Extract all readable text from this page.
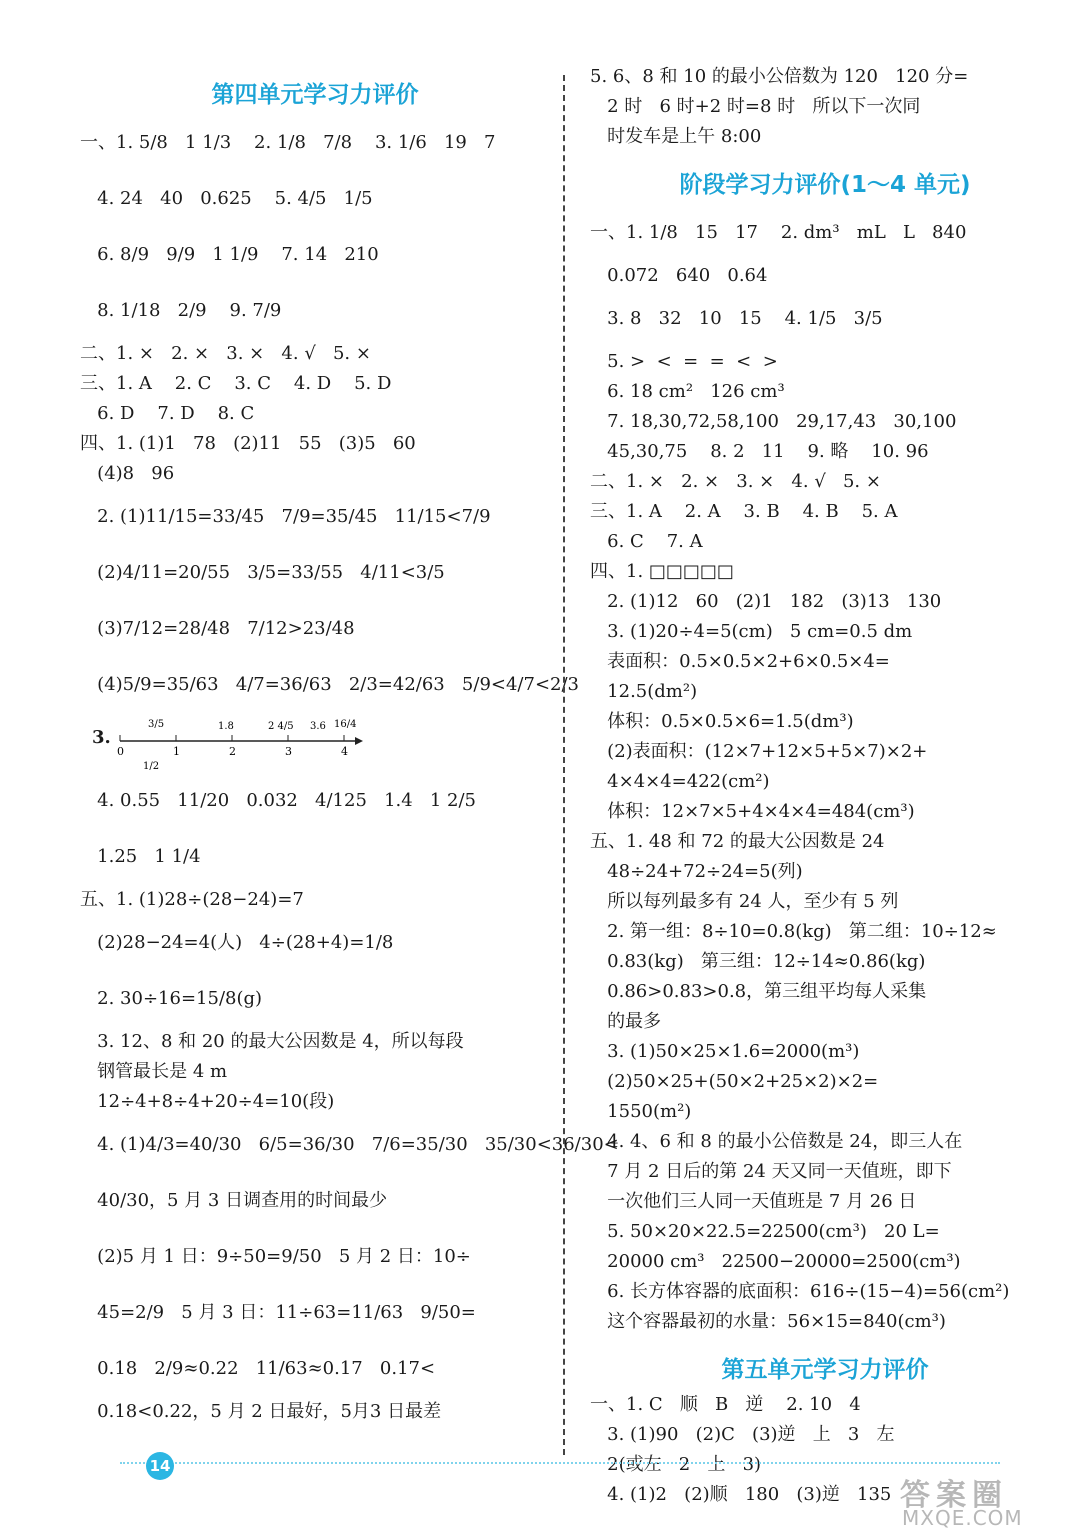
第四单元学习力评价
一、1. 5/8   1 1/3    2. 1/8   7/8    3. 1/6   19   7
4. 24   40   0.625    5. 4/5   1/5
6. 8/9   9/9   1 1/9    7. 14   210
8. 1/18   2/9    9. 7/9
二、1. ×   2. ×   3. ×   4. √   5. ×
三、1. A    2. C    3. C    4. D    5. D
6. D    7. D    8. C
四、1. (1)1   78   (2)11   55   (3)5   60
(4)8   96
2. (1)11/15=33/45   7/9=35/45   11/15<7/9
(2)4/11=20/55   3/5=33/55   4/11<3/5
(3)7/12=28/48   7/12>23/48
(4)5/9=35/63   4/7=36/63   2/3=42/63   5/9<4/7<2/3
3.
0	1	2	3	4
3/5	1.8	2 4/5 3.6 16/4
1/2
4. 0.55   11/20   0.032   4/125   1.4   1 2/5
1.25   1 1/4
五、1. (1)28÷(28−24)=7
(2)28−24=4(人)   4÷(28+4)=1/8
2. 30÷16=15/8(g)
3. 12、8 和 20 的最大公因数是 4，所以每段
钢管最长是 4 m
12÷4+8÷4+20÷4=10(段)
4. (1)4/3=40/30   6/5=36/30   7/6=35/30   35/30<36/30<
40/30，5 月 3 日调查用的时间最少
(2)5 月 1 日：9÷50=9/50   5 月 2 日：10÷
45=2/9   5 月 3 日：11÷63=11/63   9/50=
0.18   2/9≈0.22   11/63≈0.17   0.17<
0.18<0.22，5 月 2 日最好，5月3 日最差
5. 6、8 和 10 的最小公倍数为 120   120 分=
2 时   6 时+2 时=8 时   所以下一次同
时发车是上午 8:00
阶段学习力评价(1～4 单元)
一、1. 1/8   15   17    2. dm³   mL   L   840
0.072   640   0.64
3. 8   32   10   15    4. 1/5   3/5
5. >  <  =  =  <  >
6. 18 cm²   126 cm³
7. 18,30,72,58,100   29,17,43   30,100
45,30,75    8. 2   11    9. 略    10. 96
二、1. ×   2. ×   3. ×   4. √   5. ×
三、1. A    2. A    3. B    4. B    5. A
6. C    7. A
四、1. □□□□□
2. (1)12   60   (2)1   182   (3)13   130
3. (1)20÷4=5(cm)   5 cm=0.5 dm
表面积：0.5×0.5×2+6×0.5×4=
12.5(dm²)
体积：0.5×0.5×6=1.5(dm³)
(2)表面积：(12×7+12×5+5×7)×2+
4×4×4=422(cm²)
体积：12×7×5+4×4×4=484(cm³)
五、1. 48 和 72 的最大公因数是 24
48÷24+72÷24=5(列)
所以每列最多有 24 人，至少有 5 列
2. 第一组：8÷10=0.8(kg)   第二组：10÷12≈
0.83(kg)   第三组：12÷14≈0.86(kg)
0.86>0.83>0.8，第三组平均每人采集
的最多
3. (1)50×25×1.6=2000(m³)
(2)50×25+(50×2+25×2)×2=
1550(m²)
4. 4、6 和 8 的最小公倍数是 24，即三人在
7 月 2 日后的第 24 天又同一天值班，即下
一次他们三人同一天值班是 7 月 26 日
5. 50×20×22.5=22500(cm³)   20 L=
20000 cm³   22500−20000=2500(cm³)
6. 长方体容器的底面积：616÷(15−4)=56(cm²)
这个容器最初的水量：56×15=840(cm³)
第五单元学习力评价
一、1. C   顺   B   逆    2. 10   4
3. (1)90   (2)C   (3)逆   上   3   左
2(或左   2   上   3)
4. (1)2   (2)顺   180   (3)逆   135
14
答案圈
MXQE.COM
